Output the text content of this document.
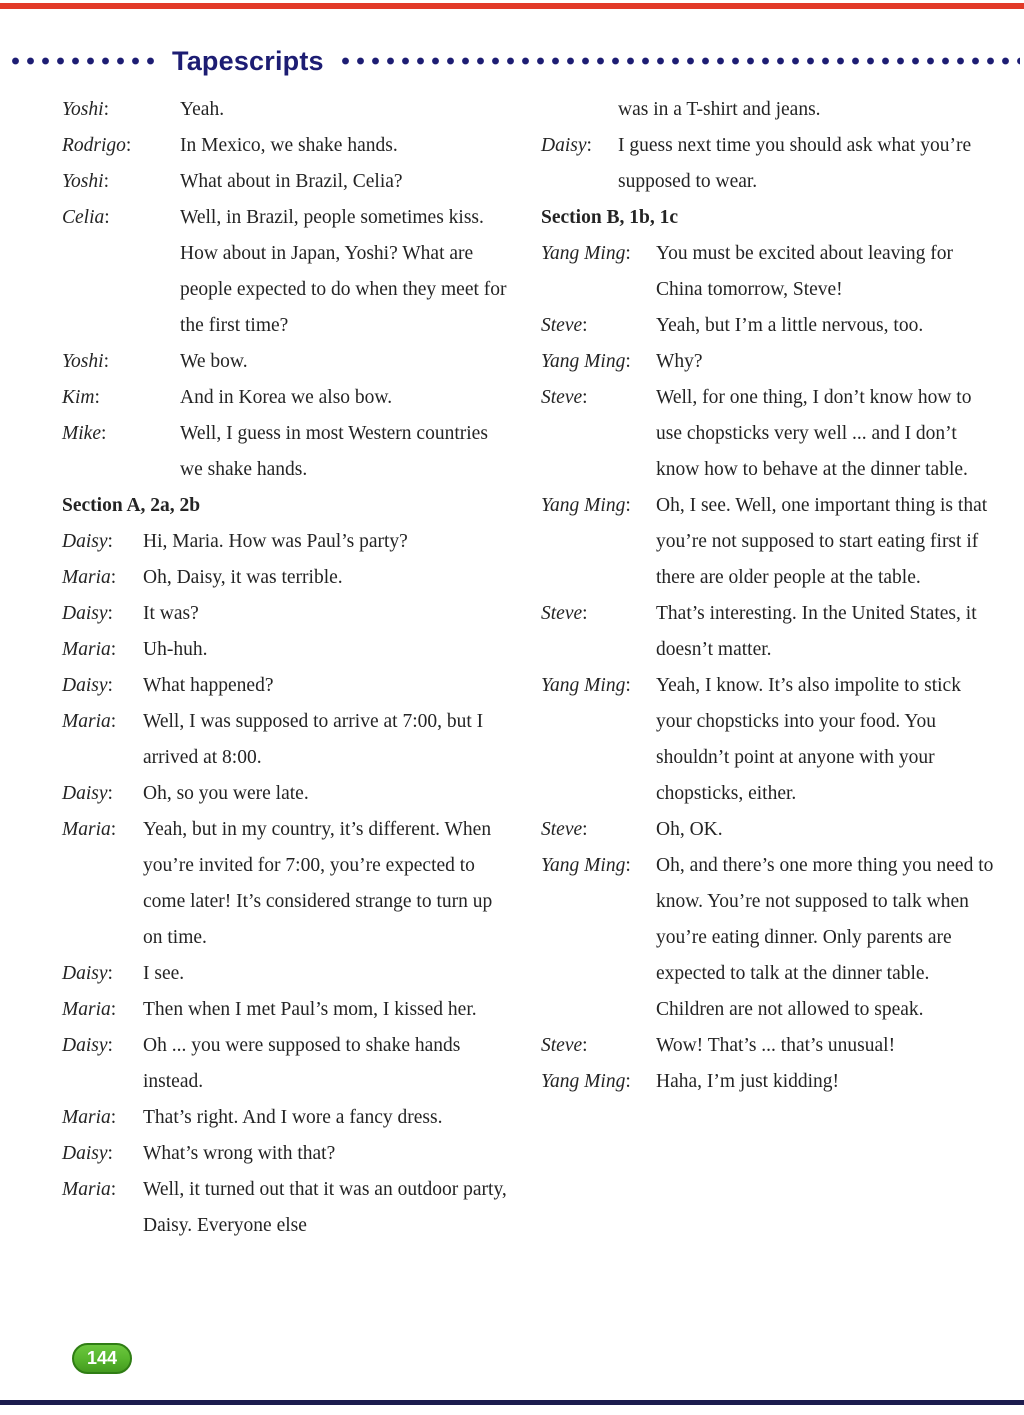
Tapescripts
Yoshi:	Yeah.
Rodrigo:	In Mexico, we shake hands.
Yoshi:	What about in Brazil, Celia?
Celia:	Well, in Brazil, people sometimes kiss. How about in Japan, Yoshi? What are people expected to do when they meet for the first time?
Yoshi:	We bow.
Kim:	And in Korea we also bow.
Mike:	Well, I guess in most Western countries we shake hands.
Section A, 2a, 2b
Daisy:	Hi, Maria. How was Paul’s party?
Maria:	Oh, Daisy, it was terrible.
Daisy:	It was?
Maria:	Uh-huh.
Daisy:	What happened?
Maria:	Well, I was supposed to arrive at 7:00, but I arrived at 8:00.
Daisy:	Oh, so you were late.
Maria:	Yeah, but in my country, it’s different. When you’re invited for 7:00, you’re expected to come later! It’s considered strange to turn up on time.
Daisy:	I see.
Maria:	Then when I met Paul’s mom, I kissed her.
Daisy:	Oh ... you were supposed to shake hands instead.
Maria:	That’s right. And I wore a fancy dress.
Daisy:	What’s wrong with that?
Maria:	Well, it turned out that it was an outdoor party, Daisy. Everyone else
was in a T-shirt and jeans.
Daisy:	I guess next time you should ask what you’re supposed to wear.
Section B, 1b, 1c
Yang Ming:	You must be excited about leaving for China tomorrow, Steve!
Steve:	Yeah, but I’m a little nervous, too.
Yang Ming:	Why?
Steve:	Well, for one thing, I don’t know how to use chopsticks very well ... and I don’t know how to behave at the dinner table.
Yang Ming:	Oh, I see. Well, one important thing is that you’re not supposed to start eating first if there are older people at the table.
Steve:	That’s interesting. In the United States, it doesn’t matter.
Yang Ming:	Yeah, I know. It’s also impolite to stick your chopsticks into your food. You shouldn’t point at anyone with your chopsticks, either.
Steve:	Oh, OK.
Yang Ming:	Oh, and there’s one more thing you need to know. You’re not supposed to talk when you’re eating dinner. Only parents are expected to talk at the dinner table. Children are not allowed to speak.
Steve:	Wow! That’s ... that’s unusual!
Yang Ming:	Haha, I’m just kidding!
144
